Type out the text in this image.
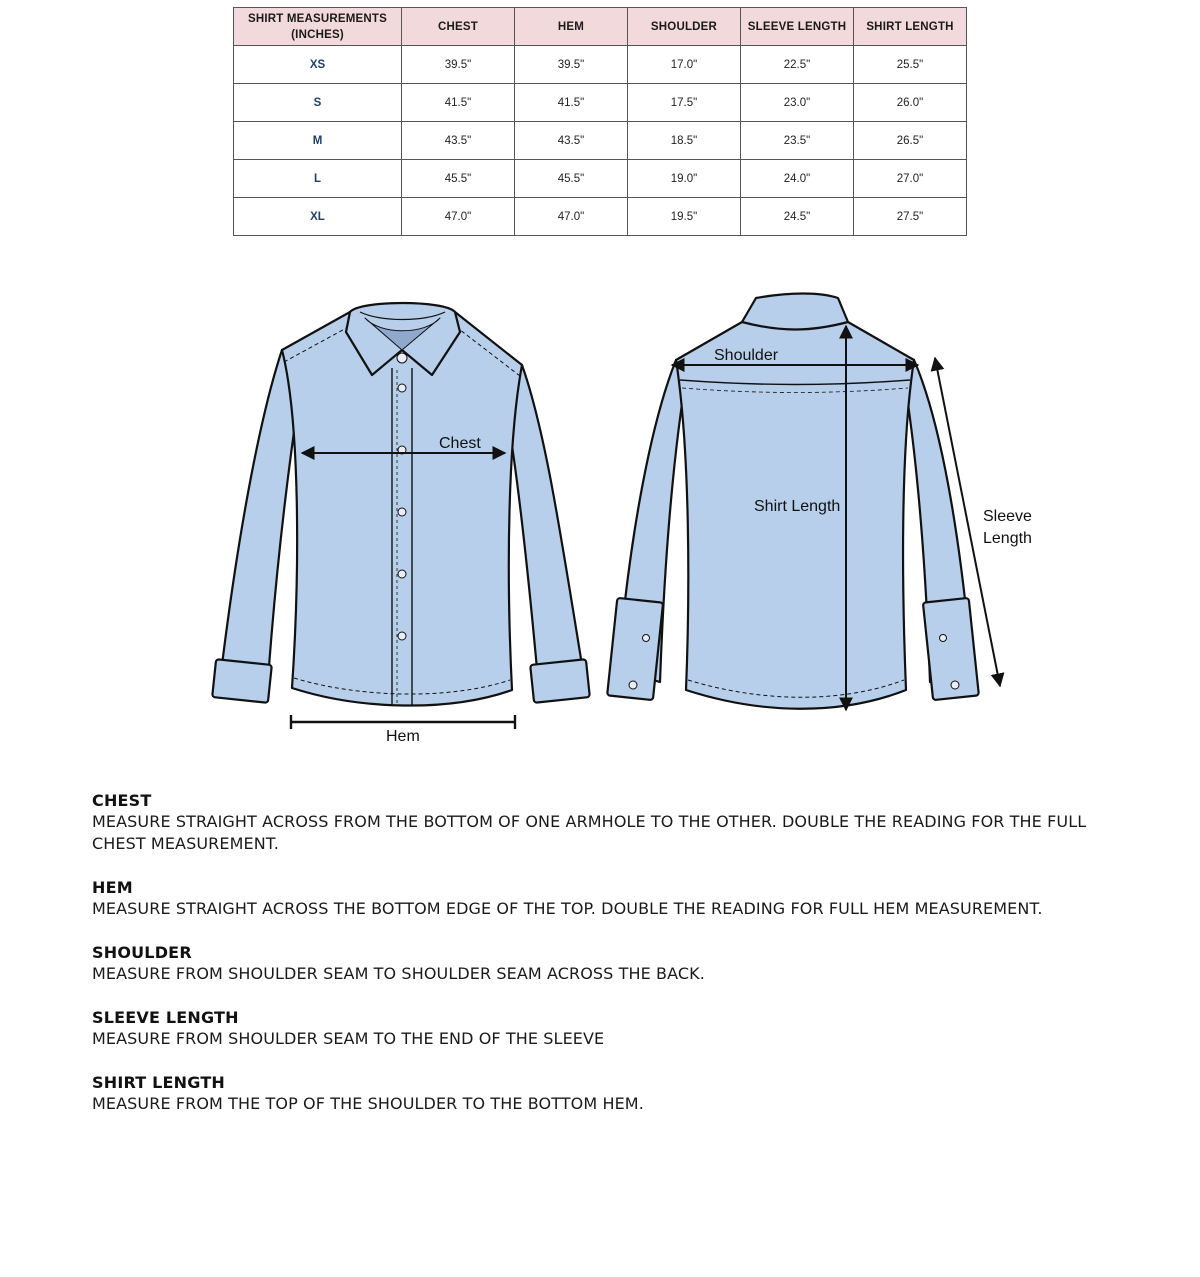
SHIRT MEASUREMENTS (INCHES)	CHEST	HEM	SHOULDER	SLEEVE LENGTH	SHIRT LENGTH
XS	39.5"	39.5"	17.0"	22.5"	25.5"
S	41.5"	41.5"	17.5"	23.0"	26.0"
M	43.5"	43.5"	18.5"	23.5"	26.5"
L	45.5"	45.5"	19.0"	24.0"	27.0"
XL	47.0"	47.0"	19.5"	24.5"	27.5"
Chest
Hem
Shoulder
Shirt Length
Sleeve
Length
CHEST
MEASURE STRAIGHT ACROSS FROM THE BOTTOM OF ONE ARMHOLE TO THE OTHER. DOUBLE THE READING FOR THE FULL CHEST MEASUREMENT.
HEM
MEASURE STRAIGHT ACROSS THE BOTTOM EDGE OF THE TOP. DOUBLE THE READING FOR FULL HEM MEASUREMENT.
SHOULDER
MEASURE FROM SHOULDER SEAM TO SHOULDER SEAM ACROSS THE BACK.
SLEEVE LENGTH
MEASURE FROM SHOULDER SEAM TO THE END OF THE SLEEVE
SHIRT LENGTH
MEASURE FROM THE TOP OF THE SHOULDER TO THE BOTTOM HEM.
